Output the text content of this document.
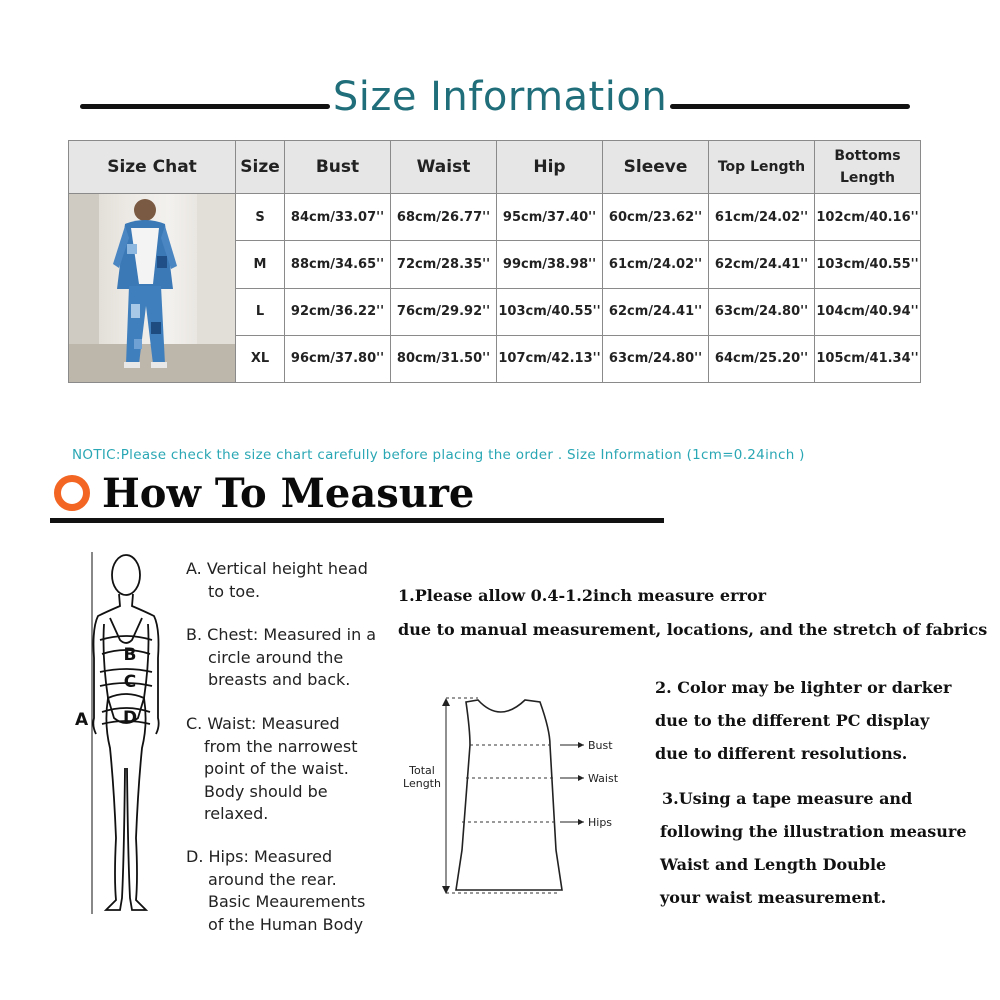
Size Information
Size Chat	Size	Bust	Waist	Hip	Sleeve	Top Length	Bottoms Length

	S	84cm/33.07''	68cm/26.77''	95cm/37.40''	60cm/23.62''	61cm/24.02''	102cm/40.16''
	M	88cm/34.65''	72cm/28.35''	99cm/38.98''	61cm/24.02''	62cm/24.41''	103cm/40.55''
	L	92cm/36.22''	76cm/29.92''	103cm/40.55''	62cm/24.41''	63cm/24.80''	104cm/40.94''
	XL	96cm/37.80''	80cm/31.50''	107cm/42.13''	63cm/24.80''	64cm/25.20''	105cm/41.34''
NOTIC:Please check the size chart carefully before placing the order . Size Information (1cm=0.24inch )
How To Measure
B
C
D
A

A. Vertical height head

to toe.

B. Chest: Measured in a

circle around the

breasts and back.

C. Waist: Measured

from the narrowest

point of the waist.

Body should be

relaxed.

D. Hips: Measured

around the rear.

Basic Meaurements

of the Human Body

1.Please allow 0.4-1.2inch measure error
due to manual measurement, locations, and the stretch of fabrics
2. Color may be lighter or darker
due to the different PC display
due to different resolutions.
3.Using a tape measure and
following the illustration measure
Waist and Length Double
your waist measurement.
Bust
Waist
Hips
Total
Length
